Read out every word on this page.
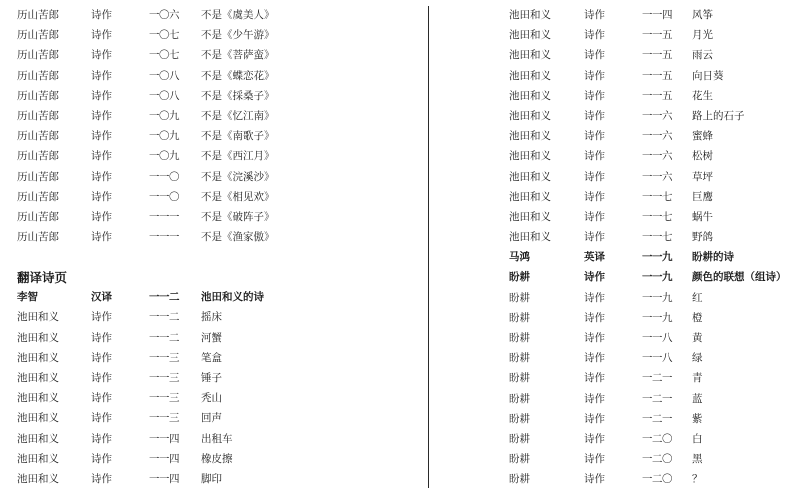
历山苦郎	诗作	一〇六	不是《虞美人》
历山苦郎	诗作	一〇七	不是《少午游》
历山苦郎	诗作	一〇七	不是《菩萨蛮》
历山苦郎	诗作	一〇八	不是《蝶恋花》
历山苦郎	诗作	一〇八	不是《採桑子》
历山苦郎	诗作	一〇九	不是《忆江南》
历山苦郎	诗作	一〇九	不是《南歌子》
历山苦郎	诗作	一〇九	不是《西江月》
历山苦郎	诗作	一一〇	不是《浣溪沙》
历山苦郎	诗作	一一〇	不是《相见欢》
历山苦郎	诗作	一一一	不是《破阵子》
历山苦郎	诗作	一一一	不是《渔家傲》
翻译诗页
李智	汉译	一一二	池田和义的诗
池田和义	诗作	一一二	摇床
池田和义	诗作	一一二	河蟹
池田和义	诗作	一一三	笔盒
池田和义	诗作	一一三	锤子
池田和义	诗作	一一三	秃山
池田和义	诗作	一一三	回声
池田和义	诗作	一一四	出租车
池田和义	诗作	一一四	橡皮擦
池田和义	诗作	一一四	脚印
池田和义	诗作	一一四	风筝
池田和义	诗作	一一五	月光
池田和义	诗作	一一五	雨云
池田和义	诗作	一一五	向日葵
池田和义	诗作	一一五	花生
池田和义	诗作	一一六	路上的石子
池田和义	诗作	一一六	蜜蜂
池田和义	诗作	一一六	松树
池田和义	诗作	一一六	草坪
池田和义	诗作	一一七	巨鹰
池田和义	诗作	一一七	蜗牛
池田和义	诗作	一一七	野鸽
马鸿	英译	一一九	盼耕的诗
盼耕	诗作	一一九	颜色的联想（组诗）
盼耕	诗作	一一九	红
盼耕	诗作	一一九	橙
盼耕	诗作	一一八	黄
盼耕	诗作	一一八	绿
盼耕	诗作	一二一	青
盼耕	诗作	一二一	蓝
盼耕	诗作	一二一	紫
盼耕	诗作	一二〇	白
盼耕	诗作	一二〇	黑
盼耕	诗作	一二〇	？
